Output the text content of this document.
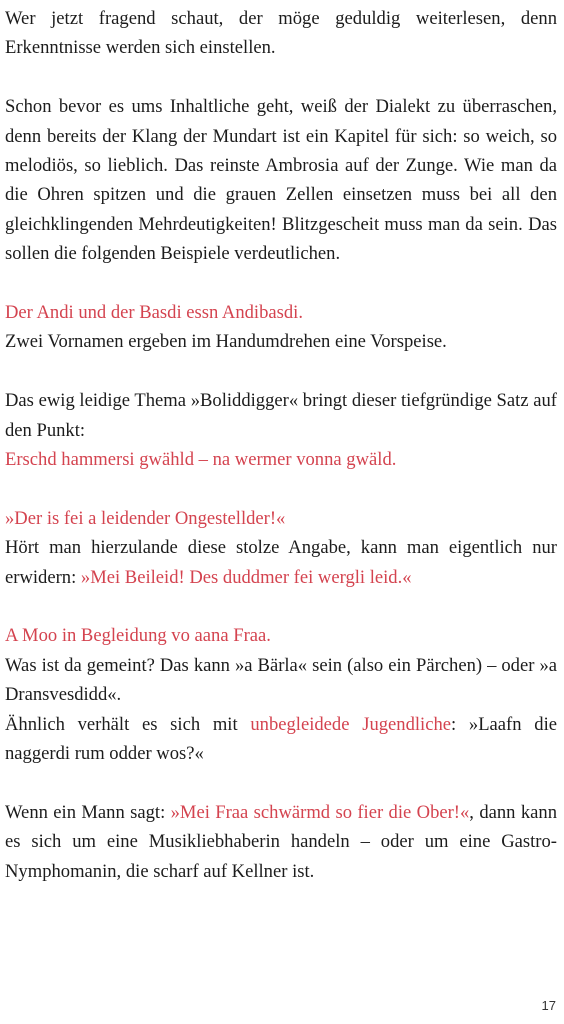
Wer jetzt fragend schaut, der möge geduldig weiterlesen, denn Erkenntnisse werden sich einstellen.

Schon bevor es ums Inhaltliche geht, weiß der Dialekt zu überraschen, denn bereits der Klang der Mundart ist ein Kapitel für sich: so weich, so melodiös, so lieblich. Das reinste Ambrosia auf der Zunge. Wie man da die Ohren spitzen und die grauen Zellen einsetzen muss bei all den gleichklingenden Mehrdeutigkeiten! Blitzgescheit muss man da sein. Das sollen die folgenden Beispiele verdeutlichen.

Der Andi und der Basdi essn Andibasdi.
Zwei Vornamen ergeben im Handumdrehen eine Vorspeise.

Das ewig leidige Thema »Boliddigger« bringt dieser tiefgründige Satz auf den Punkt:
Erschd hammersi gwähld – na wermer vonna gwäld.

»Der is fei a leidender Ongestellder!«
Hört man hierzulande diese stolze Angabe, kann man eigentlich nur erwidern: »Mei Beileid! Des duddmer fei wergli leid.«

A Moo in Begleidung vo aana Fraa.
Was ist da gemeint? Das kann »a Bärla« sein (also ein Pärchen) – oder »a Dransvesdidd«.
Ähnlich verhält es sich mit unbegleidede Jugendliche: »Laafn die naggerdi rum odder wos?«

Wenn ein Mann sagt: »Mei Fraa schwärmd so fier die Ober!«, dann kann es sich um eine Musikliebhaberin handeln – oder um eine Gastro-Nymphomanin, die scharf auf Kellner ist.

17
